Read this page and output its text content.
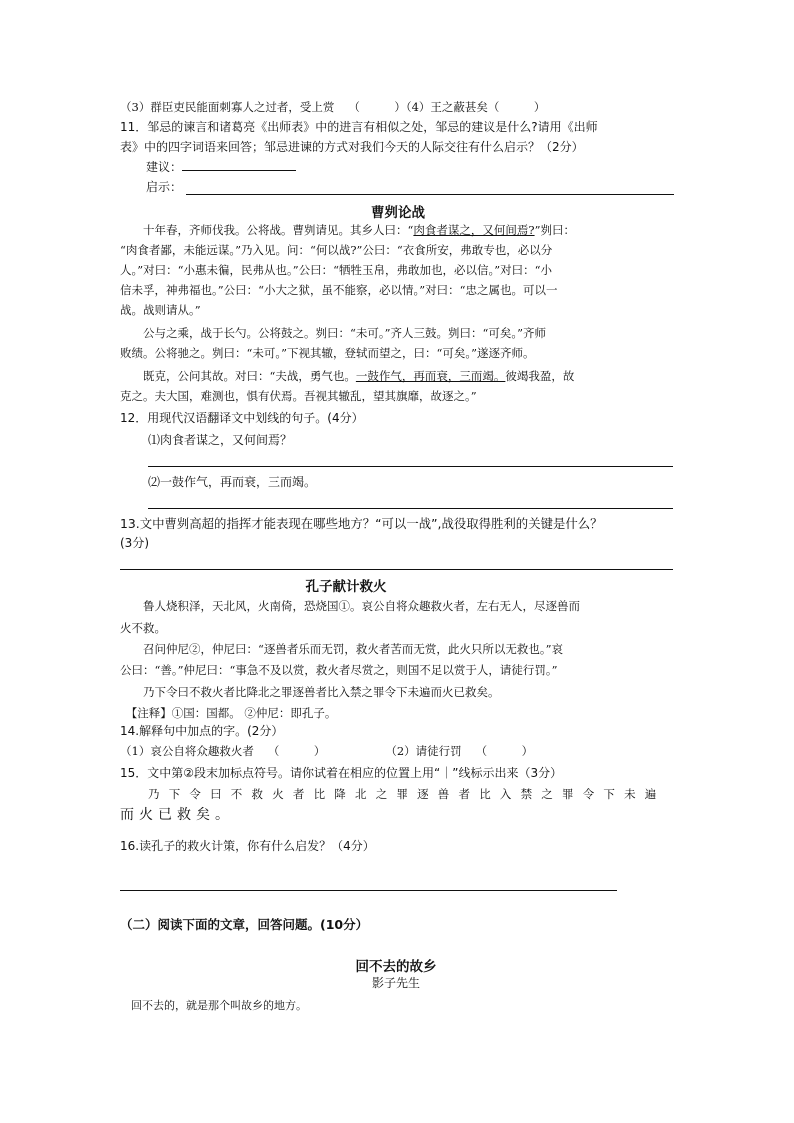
（3）群臣吏民能面刺寡人之过者，受上赏 （　　　）（4）王之蔽甚矣（　　　）
11．邹忌的谏言和诸葛亮《出师表》中的进言有相似之处，邹忌的建议是什么?请用《出师
表》中的四字词语来回答；邹忌进谏的方式对我们今天的人际交往有什么启示？（2分）
建议：
启示：
曹刿论战
　　十年春，齐师伐我。公将战。曹刿请见。其乡人曰：“肉食者谋之，又何间焉?”刿曰：
“肉食者鄙，未能远谋。”乃入见。问：“何以战?”公曰：“衣食所安，弗敢专也，必以分
人。”对曰：“小惠未徧，民弗从也。”公曰：“牺牲玉帛，弗敢加也，必以信。”对曰：“小
信未孚，神弗福也。”公曰：“小大之狱，虽不能察，必以情。”对曰：“忠之属也。可以一
战。战则请从。”
　　公与之乘，战于长勺。公将鼓之。刿曰：“未可。”齐人三鼓。刿曰：“可矣。”齐师
败绩。公将驰之。刿曰：“未可。”下视其辙，登轼而望之，曰：“可矣。”遂逐齐师。
　　既克，公问其故。对曰：“夫战，勇气也。一鼓作气，再而衰，三而竭。彼竭我盈，故
克之。夫大国，难测也，惧有伏焉。吾视其辙乱，望其旗靡，故逐之。”
12．用现代汉语翻译文中划线的句子。(4分）
⑴肉食者谋之，又何间焉？
⑵一鼓作气，再而衰，三而竭。
13.文中曹刿高超的指挥才能表现在哪些地方？“可以一战”,战役取得胜利的关键是什么？
(3分)
孔子献计救火
　　鲁人烧积泽，天北风，火南倚，恐烧国①。哀公自将众趣救火者，左右无人，尽逐兽而
火不救。
　　召问仲尼②，仲尼曰：“逐兽者乐而无罚，救火者苦而无赏，此火只所以无救也。”哀
公曰：“善。”仲尼曰：“事急不及以赏，救火者尽赏之，则国不足以赏于人，请徒行罚。”
　　乃下令曰不救火者比降北之罪逐兽者比入禁之罪令下未遍而火已救矣。
　【注释】①国：国都。 ②仲尼：即孔子。
14.解释句中加点的字。(2分）
（1）哀公自将众趣救火者 （　　　）	（2）请徒行罚 （　　　）
15．文中第②段末加标点符号。请你试着在相应的位置上用“｜”线标示出来（3分）
乃下令曰不救火者比降北之罪逐兽者比入禁之罪令下未遍
而火已救矣。
16.读孔子的救火计策，你有什么启发？（4分）
（二）阅读下面的文章，回答问题。(10分）
回不去的故乡
影子先生
　回不去的，就是那个叫故乡的地方。
